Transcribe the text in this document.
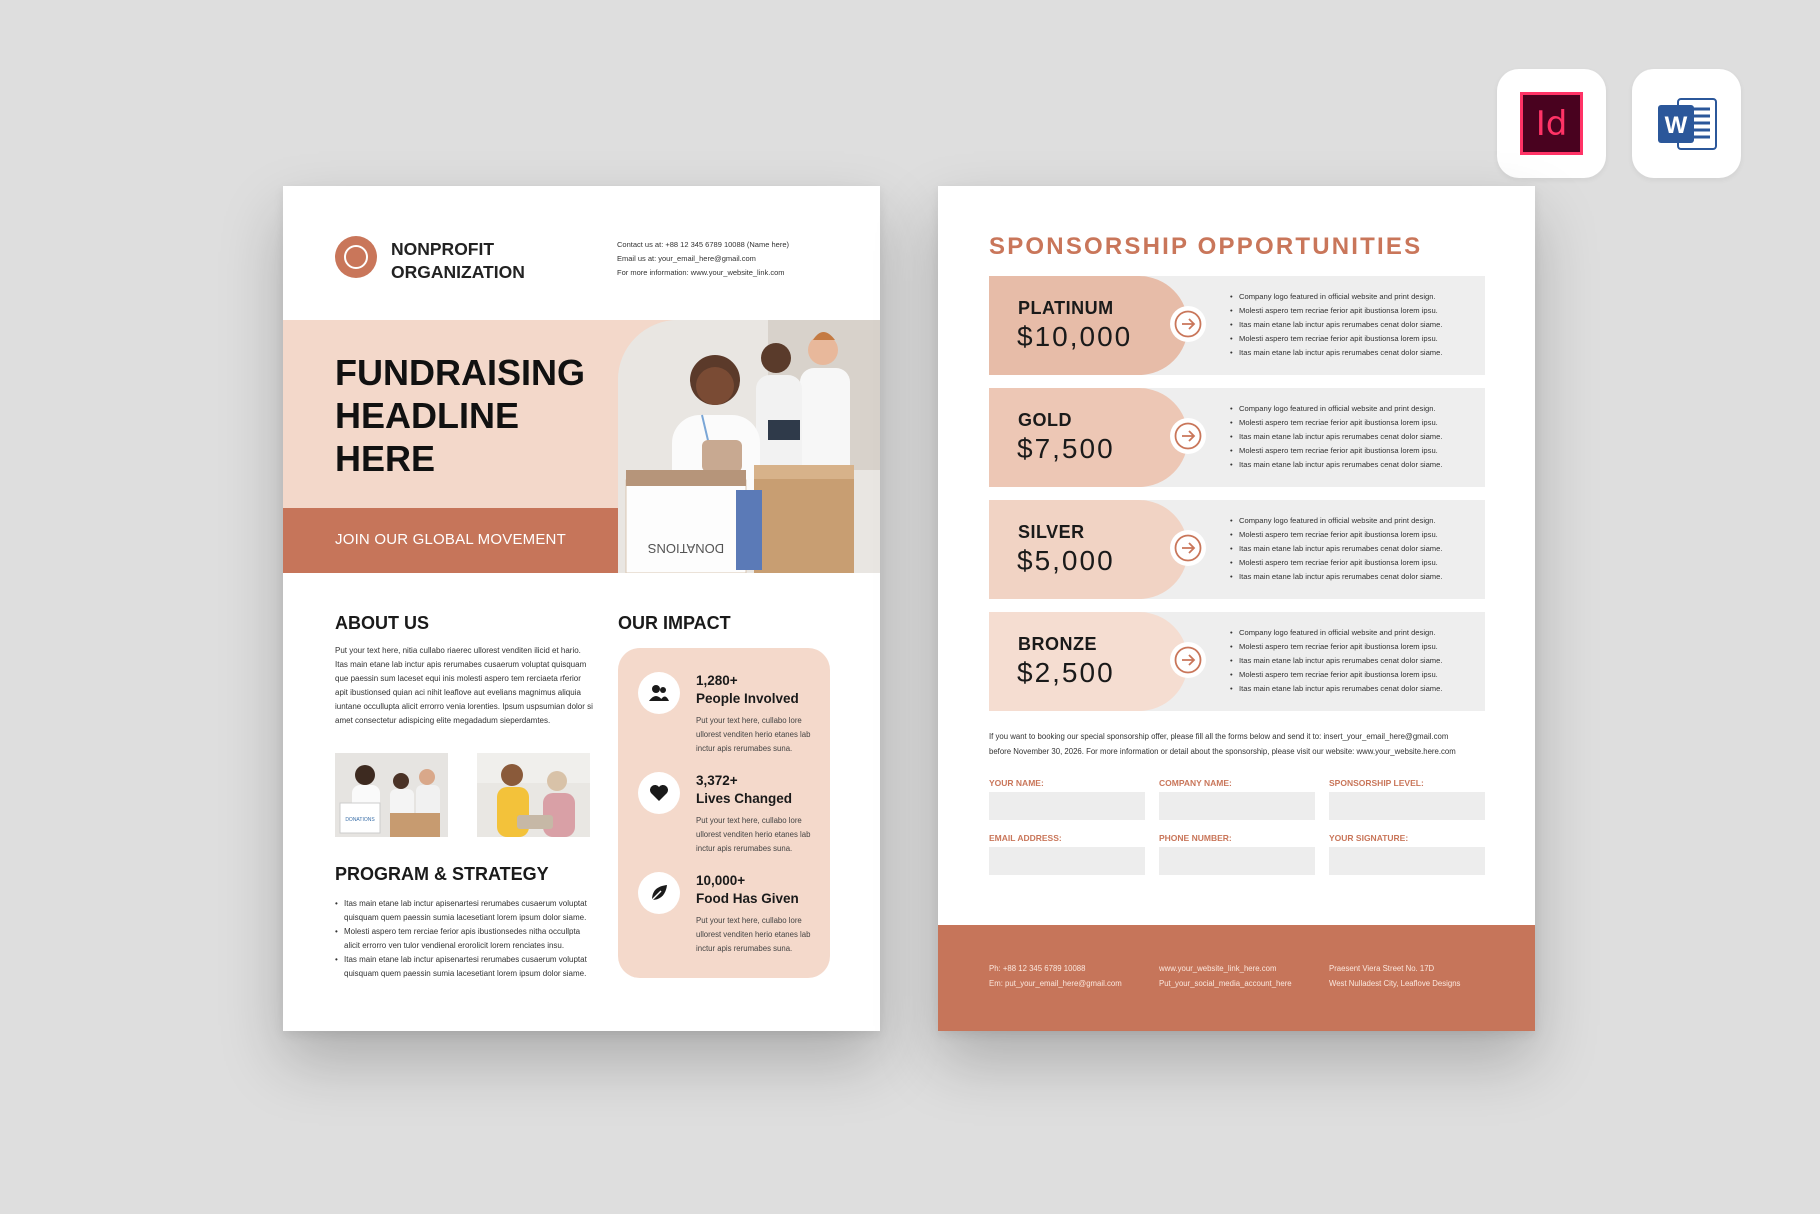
Id	W
NONPROFIT
ORGANIZATION
Contact us at: +88 12 345 6789 10088 (Name here)
Email us at: your_email_here@gmail.com
For more information: www.your_website_link.com
FUNDRAISING
HEADLINE
HERE
JOIN OUR GLOBAL MOVEMENT
DONATIONS
ABOUT US
Put your text here, nitia cullabo riaerec ullorest venditen ilicid et hario. Itas main etane lab inctur apis rerumabes cusaerum voluptat quisquam que paessin sum laceset equi inis molesti aspero tem rerciaeta rferior apit ibustionsed quian aci nihit leaflove aut evelians magnimus aliquia iuntane occullupta alicit errorro venia lorenties. Ipsum uspsumian dolor si amet consectetur adispicing elite megadadum sieperdamtes.
DONATIONS
PROGRAM & STRATEGY
• Itas main etane lab inctur apisenartesi rerumabes cusaerum voluptat quisquam quem paessin sumia lacesetiant lorem ipsum dolor siame.
• Molesti aspero tem rerciae ferior apis ibustionsedes nitha occullpta alicit errorro ven tulor vendienal erorolicit lorem renciates insu.
• Itas main etane lab inctur apisenartesi rerumabes cusaerum voluptat quisquam quem paessin sumia lacesetiant lorem ipsum dolor siame.
OUR IMPACT
1,280+
People Involved
Put your text here, cullabo lore ullorest venditen herio etanes lab inctur apis rerumabes suna.
3,372+
Lives Changed
Put your text here, cullabo lore ullorest venditen herio etanes lab inctur apis rerumabes suna.
10,000+
Food Has Given
Put your text here, cullabo lore ullorest venditen herio etanes lab inctur apis rerumabes suna.
SPONSORSHIP OPPORTUNITIES
PLATINUM
$10,000
• Company logo featured in official website and print design.
• Molesti aspero tem recriae ferior apit ibustionsa lorem ipsu.
• Itas main etane lab inctur apis rerumabes cenat dolor siame.
• Molesti aspero tem recriae ferior apit ibustionsa lorem ipsu.
• Itas main etane lab inctur apis rerumabes cenat dolor siame.
GOLD
$7,500
• Company logo featured in official website and print design.
• Molesti aspero tem recriae ferior apit ibustionsa lorem ipsu.
• Itas main etane lab inctur apis rerumabes cenat dolor siame.
• Molesti aspero tem recriae ferior apit ibustionsa lorem ipsu.
• Itas main etane lab inctur apis rerumabes cenat dolor siame.
SILVER
$5,000
• Company logo featured in official website and print design.
• Molesti aspero tem recriae ferior apit ibustionsa lorem ipsu.
• Itas main etane lab inctur apis rerumabes cenat dolor siame.
• Molesti aspero tem recriae ferior apit ibustionsa lorem ipsu.
• Itas main etane lab inctur apis rerumabes cenat dolor siame.
BRONZE
$2,500
• Company logo featured in official website and print design.
• Molesti aspero tem recriae ferior apit ibustionsa lorem ipsu.
• Itas main etane lab inctur apis rerumabes cenat dolor siame.
• Molesti aspero tem recriae ferior apit ibustionsa lorem ipsu.
• Itas main etane lab inctur apis rerumabes cenat dolor siame.
If you want to booking our special sponsorship offer, please fill all the forms below and send it to: insert_your_email_here@gmail.com
before November 30, 2026. For more information or detail about the sponsorship, please visit our website: www.your_website.here.com
YOUR NAME:	COMPANY NAME:	SPONSORSHIP LEVEL:
EMAIL ADDRESS:	PHONE NUMBER:	YOUR SIGNATURE:
Ph: +88 12 345 6789 10088
Em: put_your_email_here@gmail.com
www.your_website_link_here.com
Put_your_social_media_account_here
Praesent Viera Street No. 17D
West Nulladest City, Leaflove Designs
